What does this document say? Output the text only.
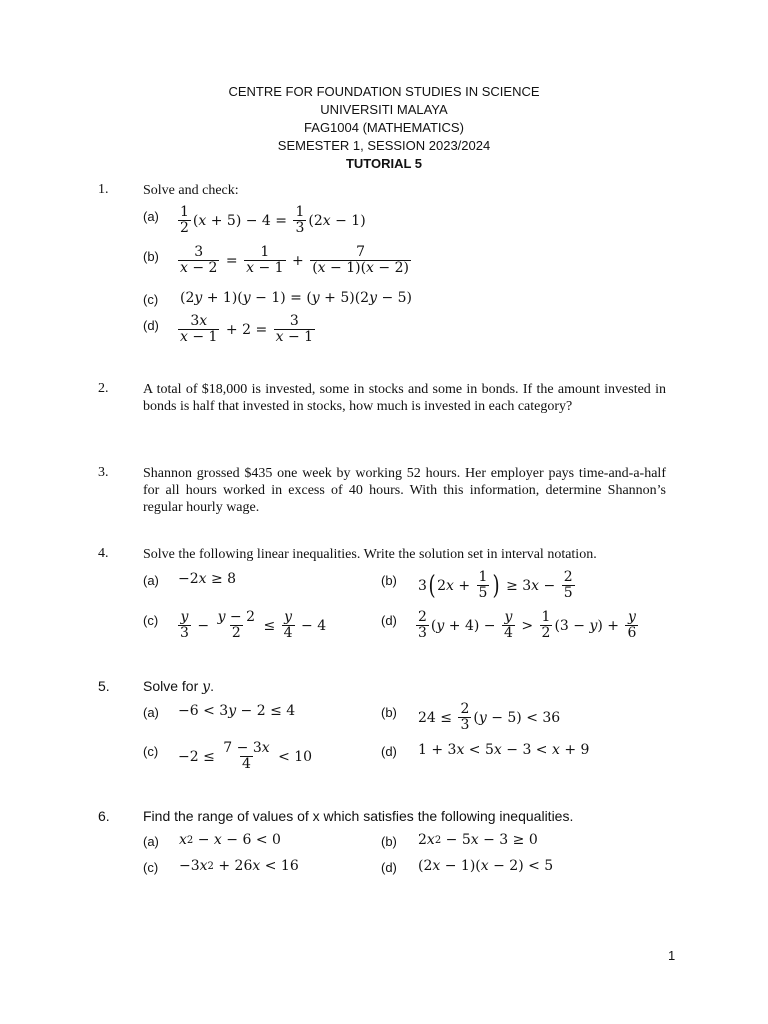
CENTRE FOR FOUNDATION STUDIES IN SCIENCE
UNIVERSITI MALAYA
FAG1004 (MATHEMATICS)
SEMESTER 1, SESSION 2023/2024
TUTORIAL 5
1. Solve and check:
(a) 1
2 ( x + 5) − 4 =
1
3 (2 x − 1)
(b)	3
x − 2 =
1
x − 1 +
7
(x − 1)(x − 2)
(c) (2 y + 1)( y − 1) = ( y + 5)(2 y − 5)
(d) 3x
x − 1 + 2 =
3
x − 1
2. A total of $18,000 is invested, some in stocks and some in bonds. If the amount invested in bonds is half that invested in stocks, how much is invested in each category?
3. Shannon grossed $435 one week by working 52 hours. Her employer pays time-and-a-half for all hours worked in excess of 40 hours. With this information, determine Shannon’s regular hourly wage.
4. Solve the following linear inequalities. Write the solution set in interval notation.
(a) −2 x ≥ 8	(b) 3 ( 2 x +
1
5 ) ≥ 3 x −
2
5
(c) y
3 −
y − 2
2 ≤
y
4 − 4	(d) 2
3 ( y + 4) −
y
4 >
1
2 (3 − y ) +
y
6
5. Solve for y.
(a) −6 < 3 y − 2 ≤ 4	(b) 24 ≤
2
3 ( y − 5) < 36
(c) −2 ≤
7 − 3x
4 < 10	(d) 1 + 3 x < 5 x − 3 < x + 9
6. Find the range of values of x which satisfies the following inequalities.
(a) x 2 − x − 6 < 0	(b) 2 x 2 − 5 x − 3 ≥ 0
(c) −3 x 2 + 26 x < 16	(d) (2 x − 1)( x − 2) < 5
1
